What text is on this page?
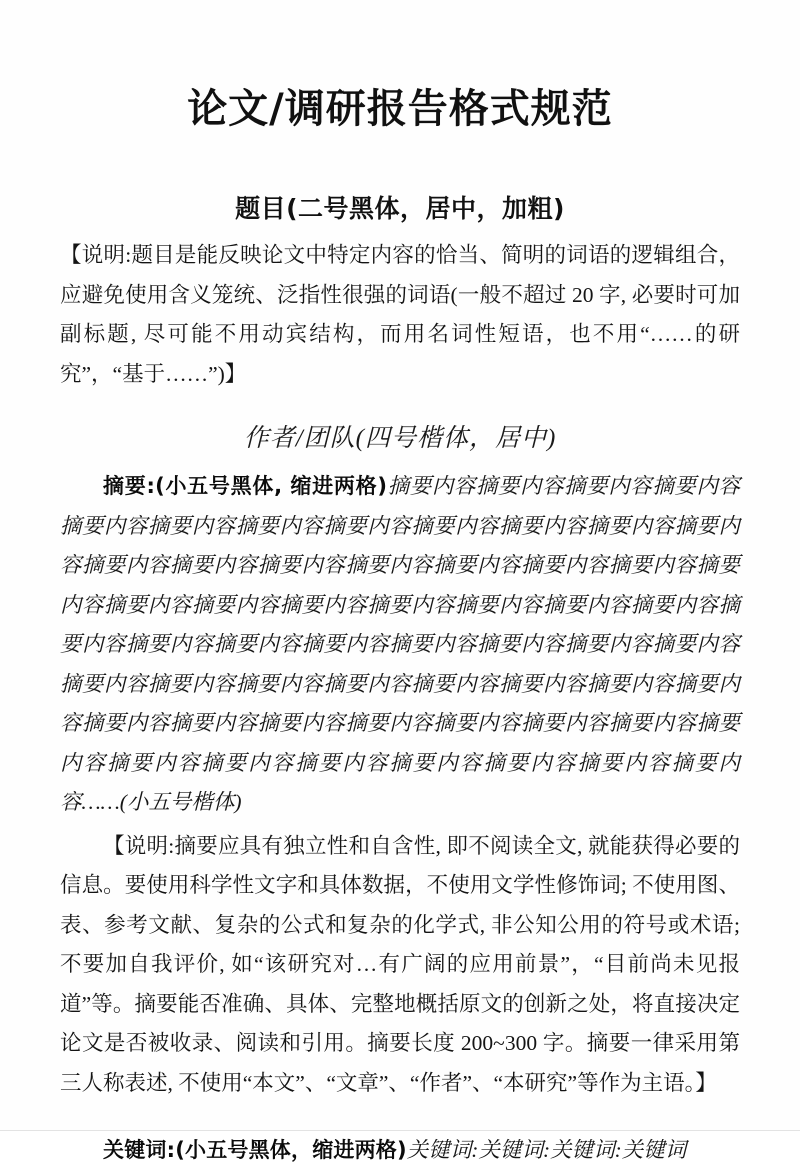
论文/调研报告格式规范
题目(二号黑体，居中，加粗)

【说明:题目是能反映论文中特定内容的恰当、简明的词语的逻辑组合，应避免使用含义笼统、泛指性很强的词语(一般不超过 20 字, 必要时可加副标题, 尽可能不用动宾结构，而用名词性短语，也不用“……的研究”，“基于……”)】

作者/团队(四号楷体，居中)

摘要:(小五号黑体, 缩进两格)摘要内容摘要内容摘要内容摘要内容摘要内容摘要内容摘要内容摘要内容摘要内容摘要内容摘要内容摘要内容摘要内容摘要内容摘要内容摘要内容摘要内容摘要内容摘要内容摘要内容摘要内容摘要内容摘要内容摘要内容摘要内容摘要内容摘要内容摘要内容摘要内容摘要内容摘要内容摘要内容摘要内容摘要内容摘要内容摘要内容摘要内容摘要内容摘要内容摘要内容摘要内容摘要内容摘要内容摘要内容摘要内容摘要内容摘要内容摘要内容摘要内容摘要内容摘要内容摘要内容摘要内容摘要内容摘要内容摘要内容摘要内容摘要内容……(小五号楷体)

【说明:摘要应具有独立性和自含性, 即不阅读全文, 就能获得必要的信息。要使用科学性文字和具体数据，不使用文学性修饰词; 不使用图、表、参考文献、复杂的公式和复杂的化学式, 非公知公用的符号或术语; 不要加自我评价, 如“该研究对…有广阔的应用前景”，“目前尚未见报道”等。摘要能否准确、具体、完整地概括原文的创新之处，将直接决定论文是否被收录、阅读和引用。摘要长度 200~300 字。摘要一律采用第三人称表述, 不使用“本文”、“文章”、“作者”、“本研究”等作为主语。】

关键词:(小五号黑体，缩进两格)关键词:关键词:关键词:关键词
